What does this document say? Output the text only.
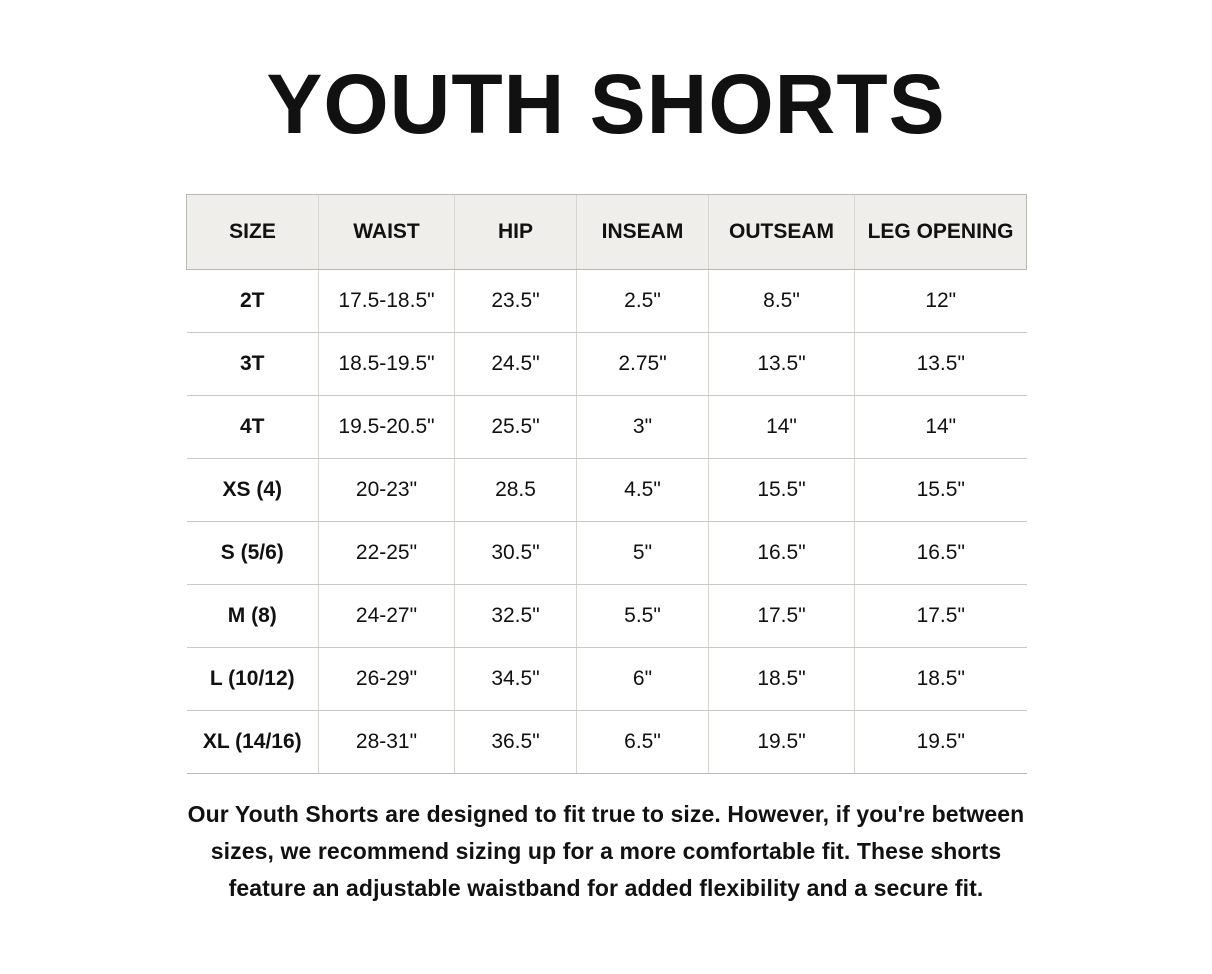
YOUTH SHORTS
SIZE	WAIST	HIP	INSEAM	OUTSEAM	LEG OPENING
2T	17.5-18.5"	23.5"	2.5"	8.5"	12"
3T	18.5-19.5"	24.5"	2.75"	13.5"	13.5"
4T	19.5-20.5"	25.5"	3"	14"	14"
XS (4)	20-23"	28.5	4.5"	15.5"	15.5"
S (5/6)	22-25"	30.5"	5"	16.5"	16.5"
M (8)	24-27"	32.5"	5.5"	17.5"	17.5"
L (10/12)	26-29"	34.5"	6"	18.5"	18.5"
XL (14/16)	28-31"	36.5"	6.5"	19.5"	19.5"

Our Youth Shorts are designed to fit true to size. However, if you're between sizes, we recommend sizing up for a more comfortable fit. These shorts feature an adjustable waistband for added flexibility and a secure fit.
